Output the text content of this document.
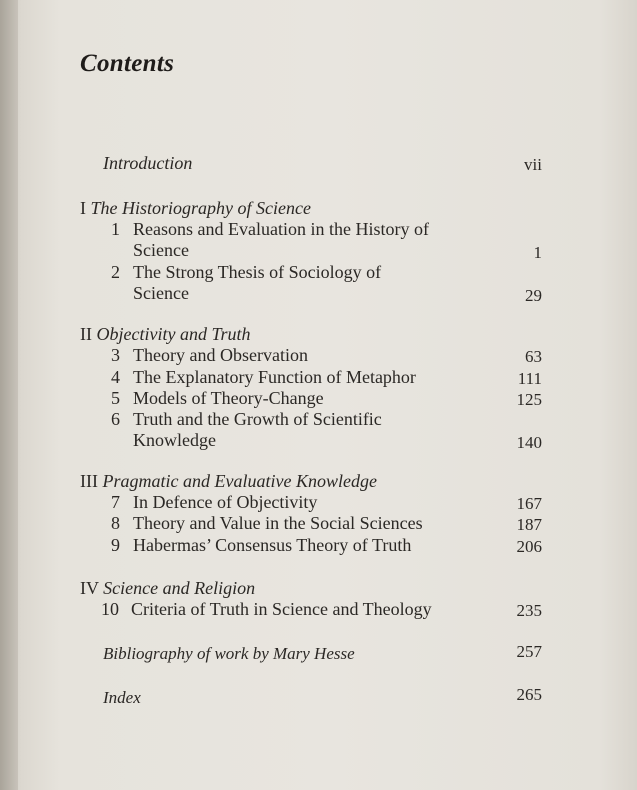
Contents
Introduction	vii
I The Historiography of Science
1 Reasons and Evaluation in the History of
Science	1
2 The Strong Thesis of Sociology of
Science	29
II Objectivity and Truth
3 Theory and Observation	63
4 The Explanatory Function of Metaphor	111
5 Models of Theory-Change	125
6 Truth and the Growth of Scientific
Knowledge	140
III Pragmatic and Evaluative Knowledge
7 In Defence of Objectivity	167
8 Theory and Value in the Social Sciences	187
9 Habermas’ Consensus Theory of Truth	206
IV Science and Religion
10 Criteria of Truth in Science and Theology	235
Bibliography of work by Mary Hesse	257
Index	265
